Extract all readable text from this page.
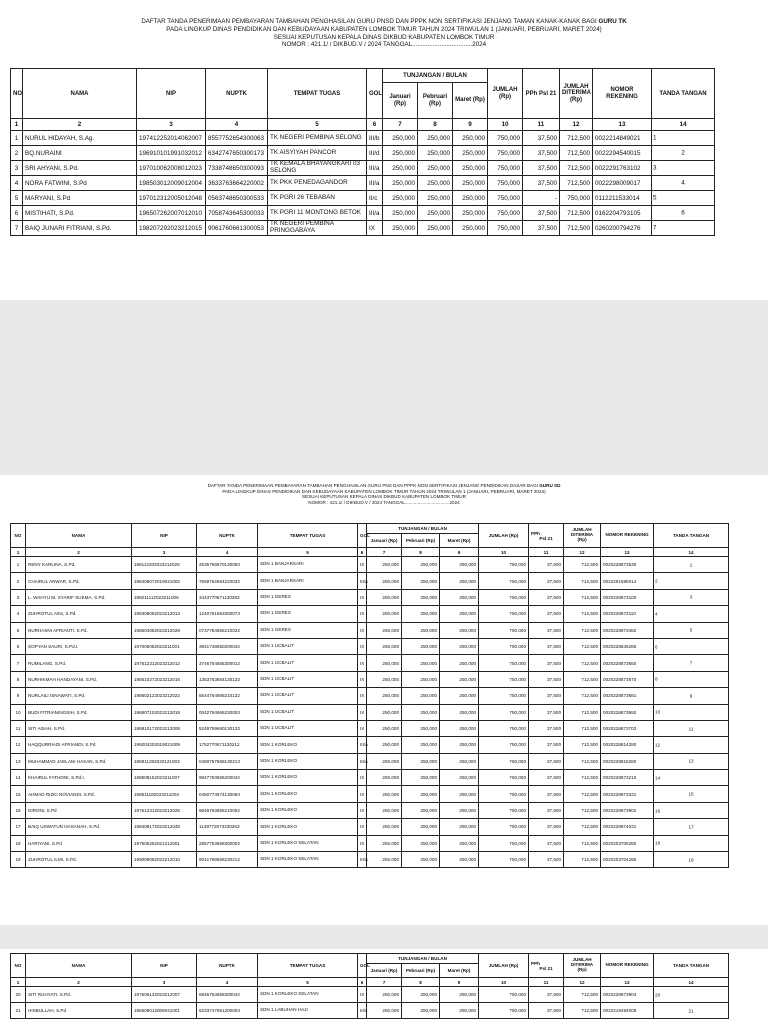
DAFTAR TANDA PENERIMAAN PEMBAYARAN TAMBAHAN PENGHASILAN GURU PNSD DAN PPPK NON SERTIFIKASI JENJANG TAMAN KANAK-KANAK BAGI GURU TK
PADA LINGKUP DINAS PENDIDIKAN DAN KEBUDAYAAN KABUPATEN LOMBOK TIMUR TAHUN 2024 TRIWULAN 1 (JANUARI, PEBRUARI, MARET 2024)
SESUAI KEPUTUSAN KEPALA DINAS DIKBUD KABUPATEN LOMBOK TIMUR
NOMOR : 421.1/ / DIKBUD.V / 2024 TANGGAL...................................2024
NO	NAMA	NIP	NUPTK	TEMPAT TUGAS	GOL	TUNJANGAN / BULAN			JUMLAH (Rp)	PPh Psl 21	JUMLAH DITERIMA (Rp)	NOMOR REKENING	TANDA TANGAN
						Januari (Rp)	Pebruari (Rp)	Maret (Rp)					
1	2	3	4	5	6	7	8	9	10	11	12	13	14
1	NURUL HIDAYAH, S.Ag.	197412252014062007	8557752654300063	TK NEGERI PEMBINA SELONG	III/b	250,000	250,000	250,000	750,000	37,500	712,500	0022214849021	1

2	BQ.NURAINI	196910101991032012	6342747650300173	TK AISYIYAH PANCOR	III/d	250,000	250,000	250,000	750,000	37,500	712,500	0022294540015	2

3	SRI AHYANI, S.Pd.	197010062008012023	7338748650300093	TK KEMALA BHAYANGKARI 03 SELONG	III/a	250,000	250,000	250,000	750,000	37,500	712,500	0022291763102	3

4	NORA FATWINI, S.Pd	198503012009012004	3633763664220002	TK PKK PENEDAGANDOR	III/a	250,000	250,000	250,000	750,000	37,500	712,500	0022298009017	4

5	MARYANI, S.Pd	197012312005012048	0563748650300533	TK PGRI 26 TEBABAN	II/c	250,000	250,000	250,000	750,000	-	750,000	0112211533014	5

6	MISTIHATI, S.Pd.	196507262007012010	7058743645300033	TK PGRI 11 MONTONG BETOK	III/a	250,000	250,000	250,000	750,000	37,500	712,500	0162204793105	6

7	BAIQ JUNARI FITRIANI, S.Pd.	198207292023212015	9061760661300053	TK NEGERI PEMBINA PRINGGABAYA	IX	250,000	250,000	250,000	750,000	37,500	712,500	0260200794276	7
DAFTAR TANDA PENERIMAAN PEMBAYARAN TAMBAHAN PENGHASILAN GURU PNS DAN PPPK NON SERTIFIKASI JENJANG PENDIDIKAN DASAR BAGI GURU SD
PADA LINGKUP DINAS PENDIDIKAN DAN KEBUDAYAAN KABUPATEN LOMBOK TIMUR TAHUN 2024 TRIWULAN 1 (JANUARI, PEBRUARI, MARET 2024)
SESUAI KEPUTUSAN KEPALA DINAS DIKBUD KABUPATEN LOMBOK TIMUR
NOMOR : 421.1/ / DIKBUD.V / 2024 TANGGAL...................................2024
NO	NAMA	NIP	NUPTK	TEMPAT TUGAS	GOL	TUNJANGAN / BULAN			JUMLAH (Rp)	PPh
Psl 21	JUMLAH DITERIMA (Rp)	NOMOR REKENING	TANDA TANGAN
						Januari (Rp)	Pebruari (Rp)	Maret (Rp)					
1	2	3	4	5	6	7	8	9	10	11	12	13	14
1	RENY KARLINA, S.Pd.	198112202023212028	2535766670130083	SDN 1 BANJARSARI	IX	250,000	250,000	250,000	750,000	37,500	712,500	0020228873530	1

2	CHAIRUL ANWAR, S.Pd.	198409072019021002	7559762664220032	SDN 1 BANJARSARI	III/a	250,000	250,000	250,000	750,000	37,500	712,500	0022291595014	2

3	L. WAHYU M. SYARIF SUKMA, S.Pd.	198211112023211006	3443770671130283	SDN 1 GERES	IX	250,000	250,000	250,000	750,000	37,500	712,500	0020228873100	3

4	ZUHROTUL AINI, S.Pd.	198308082023212013	1240761663300073	SDN 1 GERES	IX	250,000	250,000	250,000	750,000	37,500	712,500	0020228873110	4

5	NURHASNI AFRIANTI, S.Pd.	198604082023212028	0737764665210022	SDN 1 GERES	IX	250,000	250,000	250,000	750,000	37,500	712,500	0020228873482	5

6	SOPYAN SAURI, S.Pd.I.	197006082023211001	3941748650200042	SDN 1 UCBALIT	IX	250,000	250,000	250,000	750,000	37,500	712,500	0020228846285	6

7	RUMILANG, S.Pd.	197512312023212012	3746754655300012	SDN 1 UCBALIT	IX	250,000	250,000	250,000	750,000	37,500	712,500	0020228873660	7

8	NURHIKMAH HANDAYANI, S.Pd.	198510272023212016	1353763664130133	SDN 1 UCBALIT	IX	250,000	250,000	250,000	750,000	37,500	712,500	0020228873670	8

9	NURLAILI ISNAWATI, S.Pd.	198602122023212022	5544764665210132	SDN 1 UCBALIT	IX	250,000	250,000	250,000	750,000	37,500	712,500	0020228873681	9

10	BUDI FITRIANINGSIH, S.Pd.	198607102023212018	0042764665230003	SDN 1 UCBALIT	IX	250,000	250,000	250,000	750,000	37,500	712,500	0020228873692	10

11	SITI AISAH, S.Pd.	198810172023212008	5249759660130133	SDN 1 UCBALIT	IX	250,000	250,000	250,000	750,000	37,500	712,500	0020228873703	11

12	HAQQURRIADI AFRIANDI, S.Pd.	199204202019021009	1752770671130212	SDN 1 KORLEKO	III/a	250,000	250,000	250,000	750,000	37,500	712,500	0020228814280	12

13	MUHAMMAD JAELANI HASAN, S.Pd.	198911282020121003	0460767668130213	SDN 1 KORLEKO	III/a	250,000	250,000	250,000	750,000	37,500	712,500	0020228815280	13

14	KHAIRUL FATHONI, S.Pd.I.	198508152023211007	9947763665200042	SDN 1 KORLEKO	IX	250,000	250,000	250,000	750,000	37,500	712,500	0020228873210	14

15	AHMAD RIZKI NOVIANDI, S.Pd.	198511182023211004	0450773674130083	SDN 1 KORLEKO	IX	250,000	250,000	250,000	750,000	37,500	712,500	0020228873331	15

16	DIRONI, S.Pd	197512312023212025	9646763665210052	SDN 1 KORLEKO	IX	250,000	250,000	250,000	750,000	37,500	712,500	0020228873902	16

17	BAIQ USWATUN HASANAH, S.Pd.	198408172023212048	1149772673230263	SDN 1 KORLEKO	IX	250,000	250,000	250,000	750,000	37,500	712,500	0020228874031	17

18	HARIYANI, S.Pd	197505252021212001	2857753658300002	SDN 1 KORLEKO SELATAN	IX	250,000	250,000	250,000	750,000	37,500	712,500	0020203705280	18

19	ZUHROTUL ILMI, S.Pd.	199009082022212010	9041768668230212	SDN 1 KORLEKO SELATAN	III/a	250,000	250,000	250,000	750,000	37,500	712,500	0020203704285	19
NO	NAMA	NIP	NUPTK	TEMPAT TUGAS	GOL	TUNJANGAN / BULAN			JUMLAH (Rp)	PPh
Psl 21	JUMLAH DITERIMA (Rp)	NOMOR REKENING	TANDA TANGAN
						Januari (Rp)	Pebruari (Rp)	Maret (Rp)					
1	2	3	4	5	6	7	8	9	10	11	12	13	14
20	SITI RUHYATI, S.Pd.	197506132023212007	5945753658300042	SDN 1 KORLEKO SELATAN	IX	250,000	250,000	250,000	750,000	37,500	712,500	0020228873904	20

21	HISBULLAH, S.Pd	196609012006041001	5233747651200003	SDN 1 LABUHAN HAJI	III/c	250,000	250,000	250,000	750,000	37,500	712,500	0022219494008	21
